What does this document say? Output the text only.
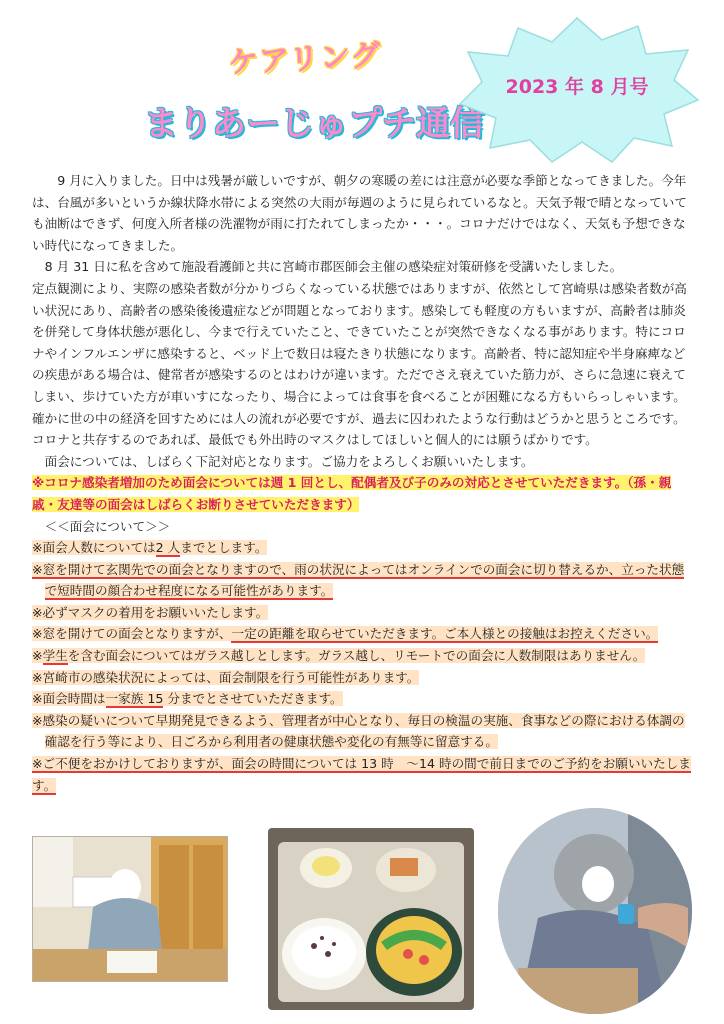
ケアリング
まりあーじゅプチ通信
2023 年 8 月号

9 月に入りました。日中は残暑が厳しいですが、朝夕の寒暖の差には注意が必要な季節となってきました。今年は、台風が多いというか線状降水帯による突然の大雨が毎週のように見られているなと。天気予報で晴となっていても油断はできず、何度入所者様の洗濯物が雨に打たれてしまったか・・・。コロナだけではなく、天気も予想できない時代になってきました。

8 月 31 日に私を含めて施設看護師と共に宮崎市郡医師会主催の感染症対策研修を受講いたしました。

定点観測により、実際の感染者数が分かりづらくなっている状態ではありますが、依然として宮崎県は感染者数が高い状況にあり、高齢者の感染後後遺症などが問題となっております。感染しても軽度の方もいますが、高齢者は肺炎を併発して身体状態が悪化し、今まで行えていたこと、できていたことが突然できなくなる事があります。特にコロナやインフルエンザに感染すると、ベッド上で数日は寝たきり状態になります。高齢者、特に認知症や半身麻痺などの疾患がある場合は、健常者が感染するのとはわけが違います。ただでさえ衰えていた筋力が、さらに急速に衰えてしまい、歩けていた方が車いすになったり、場合によっては食事を食べることが困難になる方もいらっしゃいます。確かに世の中の経済を回すためには人の流れが必要ですが、過去に囚われたような行動はどうかと思うところです。コロナと共存するのであれば、最低でも外出時のマスクはしてほしいと個人的には願うばかりです。

面会については、しばらく下記対応となります。ご協力をよろしくお願いいたします。

※コロナ感染者増加のため面会については週 1 回とし、配偶者及び子のみの対応とさせていただきます。（孫・親戚・友達等の面会はしばらくお断りさせていただきます）

＜＜面会について＞＞

※面会人数については2 人までとします。

※窓を開けて玄関先での面会となりますので、雨の状況によってはオンラインでの面会に切り替えるか、立った状態で短時間の顔合わせ程度になる可能性があります。

※必ずマスクの着用をお願いいたします。

※窓を開けての面会となりますが、一定の距離を取らせていただきます。ご本人様との接触はお控えください。

※学生を含む面会についてはガラス越しとします。ガラス越し、リモートでの面会に人数制限はありません。

※宮崎市の感染状況によっては、面会制限を行う可能性があります。

※面会時間は一家族 15 分までとさせていただきます。

※感染の疑いについて早期発見できるよう、管理者が中心となり、毎日の検温の実施、食事などの際における体調の確認を行う等により、日ごろから利用者の健康状態や変化の有無等に留意する。

※ご不便をおかけしておりますが、面会の時間については 13 時　～14 時の間で前日までのご予約をお願いいたします。
